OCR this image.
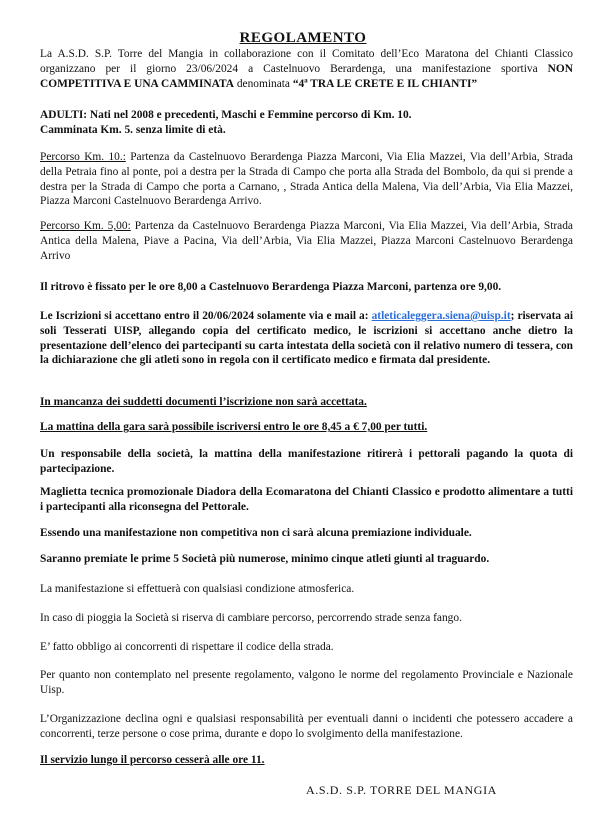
REGOLAMENTO
La A.S.D. S.P. Torre del Mangia in collaborazione con il Comitato dell’Eco Maratona del Chianti Classico organizzano per il giorno 23/06/2024 a Castelnuovo Berardenga, una manifestazione sportiva NON COMPETITIVA E UNA CAMMINATA denominata “4ª TRA LE CRETE E IL CHIANTI”
ADULTI: Nati nel 2008 e precedenti, Maschi e Femmine percorso di Km. 10.
Camminata Km. 5. senza limite di età.
Percorso Km. 10.: Partenza da Castelnuovo Berardenga Piazza Marconi, Via Elia Mazzei, Via dell’Arbia, Strada della Petraia fino al ponte, poi a destra per la Strada di Campo che porta alla Strada del Bombolo, da qui si prende a destra per la Strada di Campo che porta a Carnano, , Strada Antica della Malena, Via dell’Arbia, Via Elia Mazzei, Piazza Marconi Castelnuovo Berardenga Arrivo.
Percorso Km. 5,00: Partenza da Castelnuovo Berardenga Piazza Marconi, Via Elia Mazzei, Via dell’Arbia, Strada Antica della Malena, Piave a Pacina, Via dell’Arbia, Via Elia Mazzei, Piazza Marconi Castelnuovo Berardenga Arrivo
Il ritrovo è fissato per le ore 8,00 a Castelnuovo Berardenga Piazza Marconi, partenza ore 9,00.
Le Iscrizioni si accettano entro il 20/06/2024 solamente via e mail a: atleticaleggera.siena@uisp.it; riservata ai soli Tesserati UISP, allegando copia del certificato medico, le iscrizioni si accettano anche dietro la presentazione dell’elenco dei partecipanti su carta intestata della società con il relativo numero di tessera, con la dichiarazione che gli atleti sono in regola con il certificato medico e firmata dal presidente.
In mancanza dei suddetti documenti l’iscrizione non sarà accettata.
La mattina della gara sarà possibile iscriversi entro le ore 8,45 a € 7,00 per tutti.
Un responsabile della società, la mattina della manifestazione ritirerà i pettorali pagando la quota di partecipazione.
Maglietta tecnica promozionale Diadora della Ecomaratona del Chianti Classico e prodotto alimentare a tutti i partecipanti alla riconsegna del Pettorale.
Essendo una manifestazione non competitiva non ci sarà alcuna premiazione individuale.
Saranno premiate le prime 5 Società più numerose, minimo cinque atleti giunti al traguardo.
La manifestazione si effettuerà con qualsiasi condizione atmosferica.
In caso di pioggia la Società si riserva di cambiare percorso, percorrendo strade senza fango.
E’ fatto obbligo ai concorrenti di rispettare il codice della strada.
Per quanto non contemplato nel presente regolamento, valgono le norme del regolamento Provinciale e Nazionale Uisp.
L’Organizzazione declina ogni e qualsiasi responsabilità per eventuali danni o incidenti che potessero accadere a concorrenti, terze persone o cose prima, durante e dopo lo svolgimento della manifestazione.
Il servizio lungo il percorso cesserà alle ore 11.
A.S.D. S.P. TORRE DEL MANGIA
